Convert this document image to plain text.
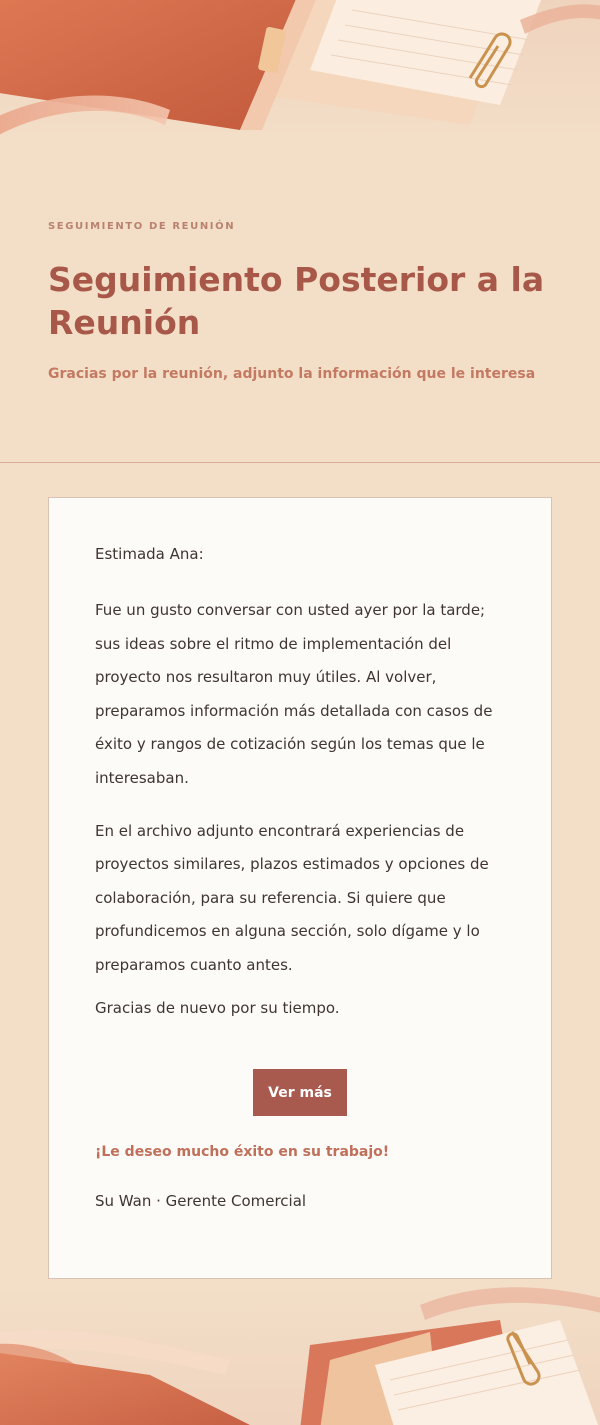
SEGUIMIENTO DE REUNIÓN
Seguimiento Posterior a la Reunión
Gracias por la reunión, adjunto la información que le interesa

Estimada Ana:

Fue un gusto conversar con usted ayer por la tarde; sus ideas sobre el ritmo de implementación del proyecto nos resultaron muy útiles. Al volver, preparamos información más detallada con casos de éxito y rangos de cotización según los temas que le interesaban.

En el archivo adjunto encontrará experiencias de proyectos similares, plazos estimados y opciones de colaboración, para su referencia. Si quiere que profundicemos en alguna sección, solo dígame y lo preparamos cuanto antes.

Gracias de nuevo por su tiempo.

Ver más
¡Le deseo mucho éxito en su trabajo!
Su Wan · Gerente Comercial
